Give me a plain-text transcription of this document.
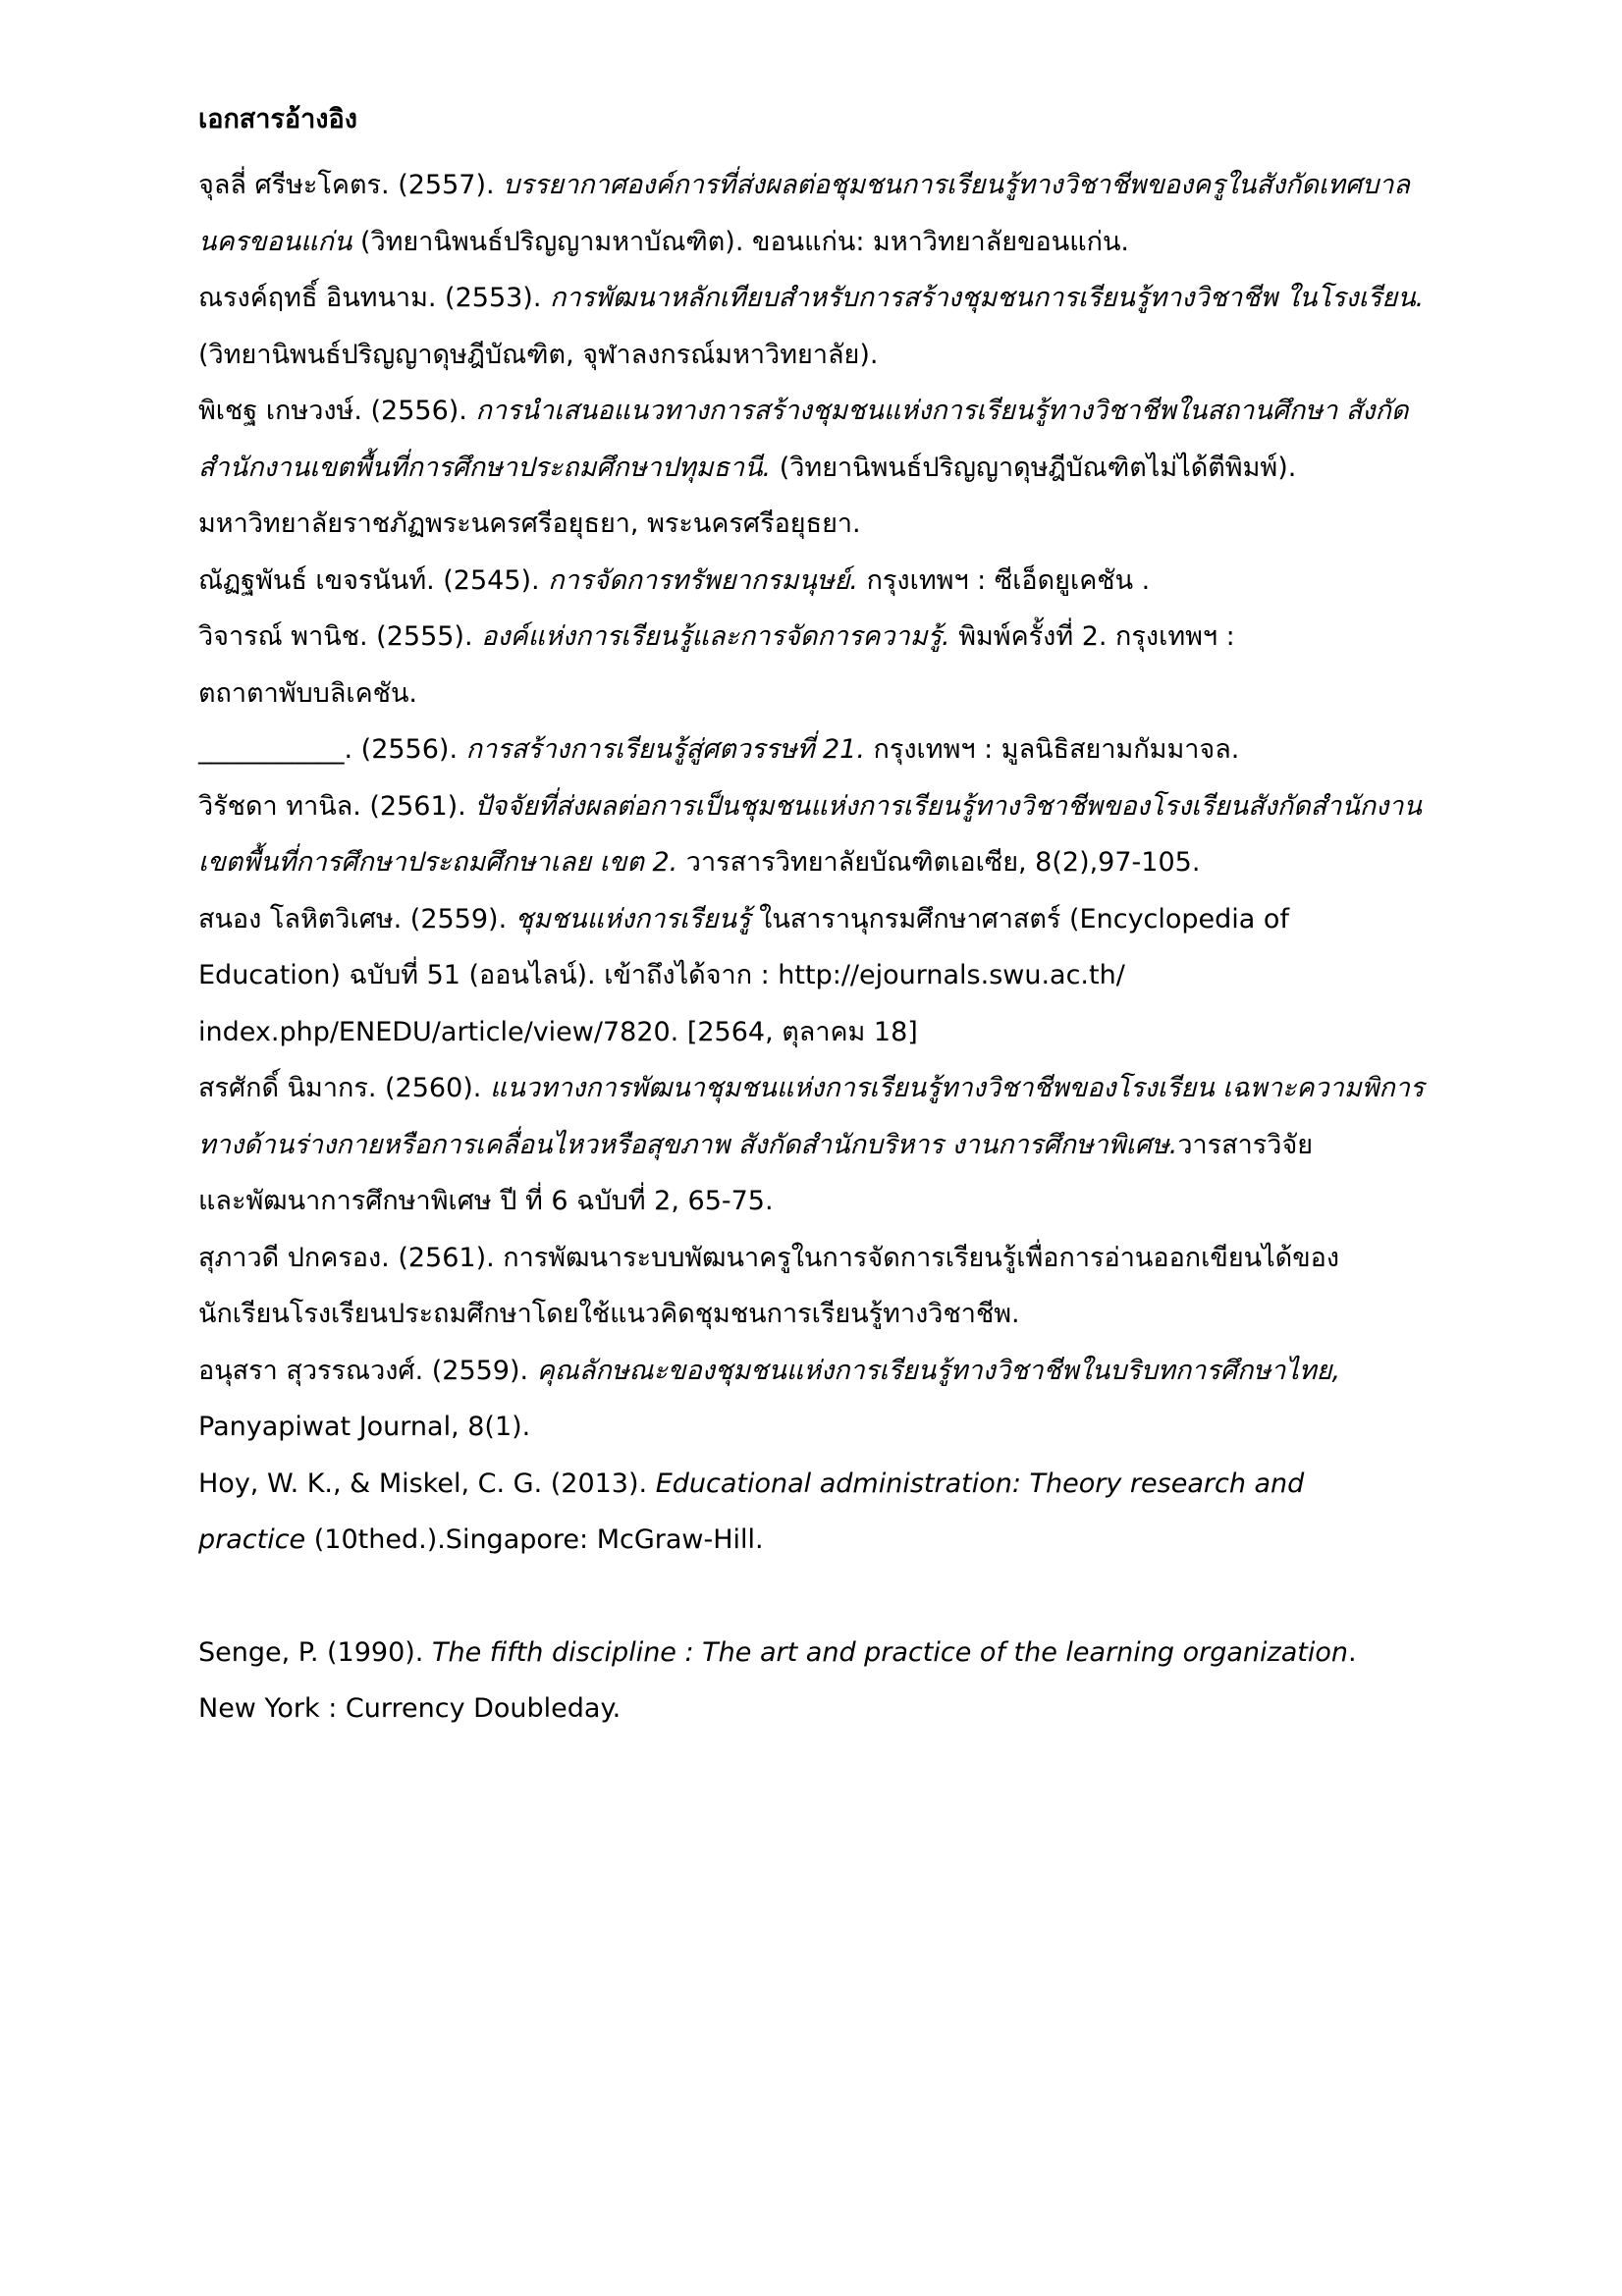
เอกสารอ้างอิง

จุลลี่ ศรีษะโคตร. (2557). บรรยากาศองค์การที่ส่งผลต่อชุมชนการเรียนรู้ทางวิชาชีพของครูในสังกัดเทศบาล
นครขอนแก่น (วิทยานิพนธ์ปริญญามหาบัณฑิต). ขอนแก่น: มหาวิทยาลัยขอนแก่น.

ณรงค์ฤทธิ์ อินทนาม. (2553). การพัฒนาหลักเทียบสำหรับการสร้างชุมชนการเรียนรู้ทางวิชาชีพ ในโรงเรียน.
(วิทยานิพนธ์ปริญญาดุษฎีบัณฑิต, จุฬาลงกรณ์มหาวิทยาลัย).

พิเชฐ เกษวงษ์. (2556). การนำเสนอแนวทางการสร้างชุมชนแห่งการเรียนรู้ทางวิชาชีพในสถานศึกษา สังกัด
สำนักงานเขตพื้นที่การศึกษาประถมศึกษาปทุมธานี. (วิทยานิพนธ์ปริญญาดุษฎีบัณฑิตไม่ได้ตีพิมพ์).
มหาวิทยาลัยราชภัฏพระนครศรีอยุธยา, พระนครศรีอยุธยา.

ณัฏฐพันธ์ เขจรนันท์. (2545). การจัดการทรัพยากรมนุษย์. กรุงเทพฯ : ซีเอ็ดยูเคชัน .

วิจารณ์ พานิช. (2555). องค์แห่งการเรียนรู้และการจัดการความรู้. พิมพ์ครั้งที่ 2. กรุงเทพฯ :
ตถาตาพับบลิเคชัน.

___________. (2556). การสร้างการเรียนรู้สู่ศตวรรษที่ 21. กรุงเทพฯ : มูลนิธิสยามกัมมาจล.

วิรัชดา ทานิล. (2561). ปัจจัยที่ส่งผลต่อการเป็นชุมชนแห่งการเรียนรู้ทางวิชาชีพของโรงเรียนสังกัดสำนักงาน
เขตพื้นที่การศึกษาประถมศึกษาเลย เขต 2. วารสารวิทยาลัยบัณฑิตเอเซีย, 8(2),97-105.

สนอง โลหิตวิเศษ. (2559). ชุมชนแห่งการเรียนรู้ ในสารานุกรมศึกษาศาสตร์ (Encyclopedia of
Education) ฉบับที่ 51 (ออนไลน์). เข้าถึงได้จาก : http://ejournals.swu.ac.th/
index.php/ENEDU/article/view/7820. [2564, ตุลาคม 18]

สรศักดิ์ นิมากร. (2560). แนวทางการพัฒนาชุมชนแห่งการเรียนรู้ทางวิชาชีพของโรงเรียน เฉพาะความพิการ
ทางด้านร่างกายหรือการเคลื่อนไหวหรือสุขภาพ สังกัดสำนักบริหาร งานการศึกษาพิเศษ.วารสารวิจัย
และพัฒนาการศึกษาพิเศษ ปี ที่ 6 ฉบับที่ 2, 65-75.

สุภาวดี ปกครอง. (2561). การพัฒนาระบบพัฒนาครูในการจัดการเรียนรู้เพื่อการอ่านออกเขียนได้ของ
นักเรียนโรงเรียนประถมศึกษาโดยใช้แนวคิดชุมชนการเรียนรู้ทางวิชาชีพ.

อนุสรา สุวรรณวงศ์. (2559). คุณลักษณะของชุมชนแห่งการเรียนรู้ทางวิชาชีพในบริบทการศึกษาไทย,
Panyapiwat Journal, 8(1).

Hoy, W. K., & Miskel, C. G. (2013). Educational administration: Theory research and
practice (10thed.).Singapore: McGraw-Hill.

Senge, P. (1990). The fifth discipline : The art and practice of the learning organization.
New York : Currency Doubleday.
